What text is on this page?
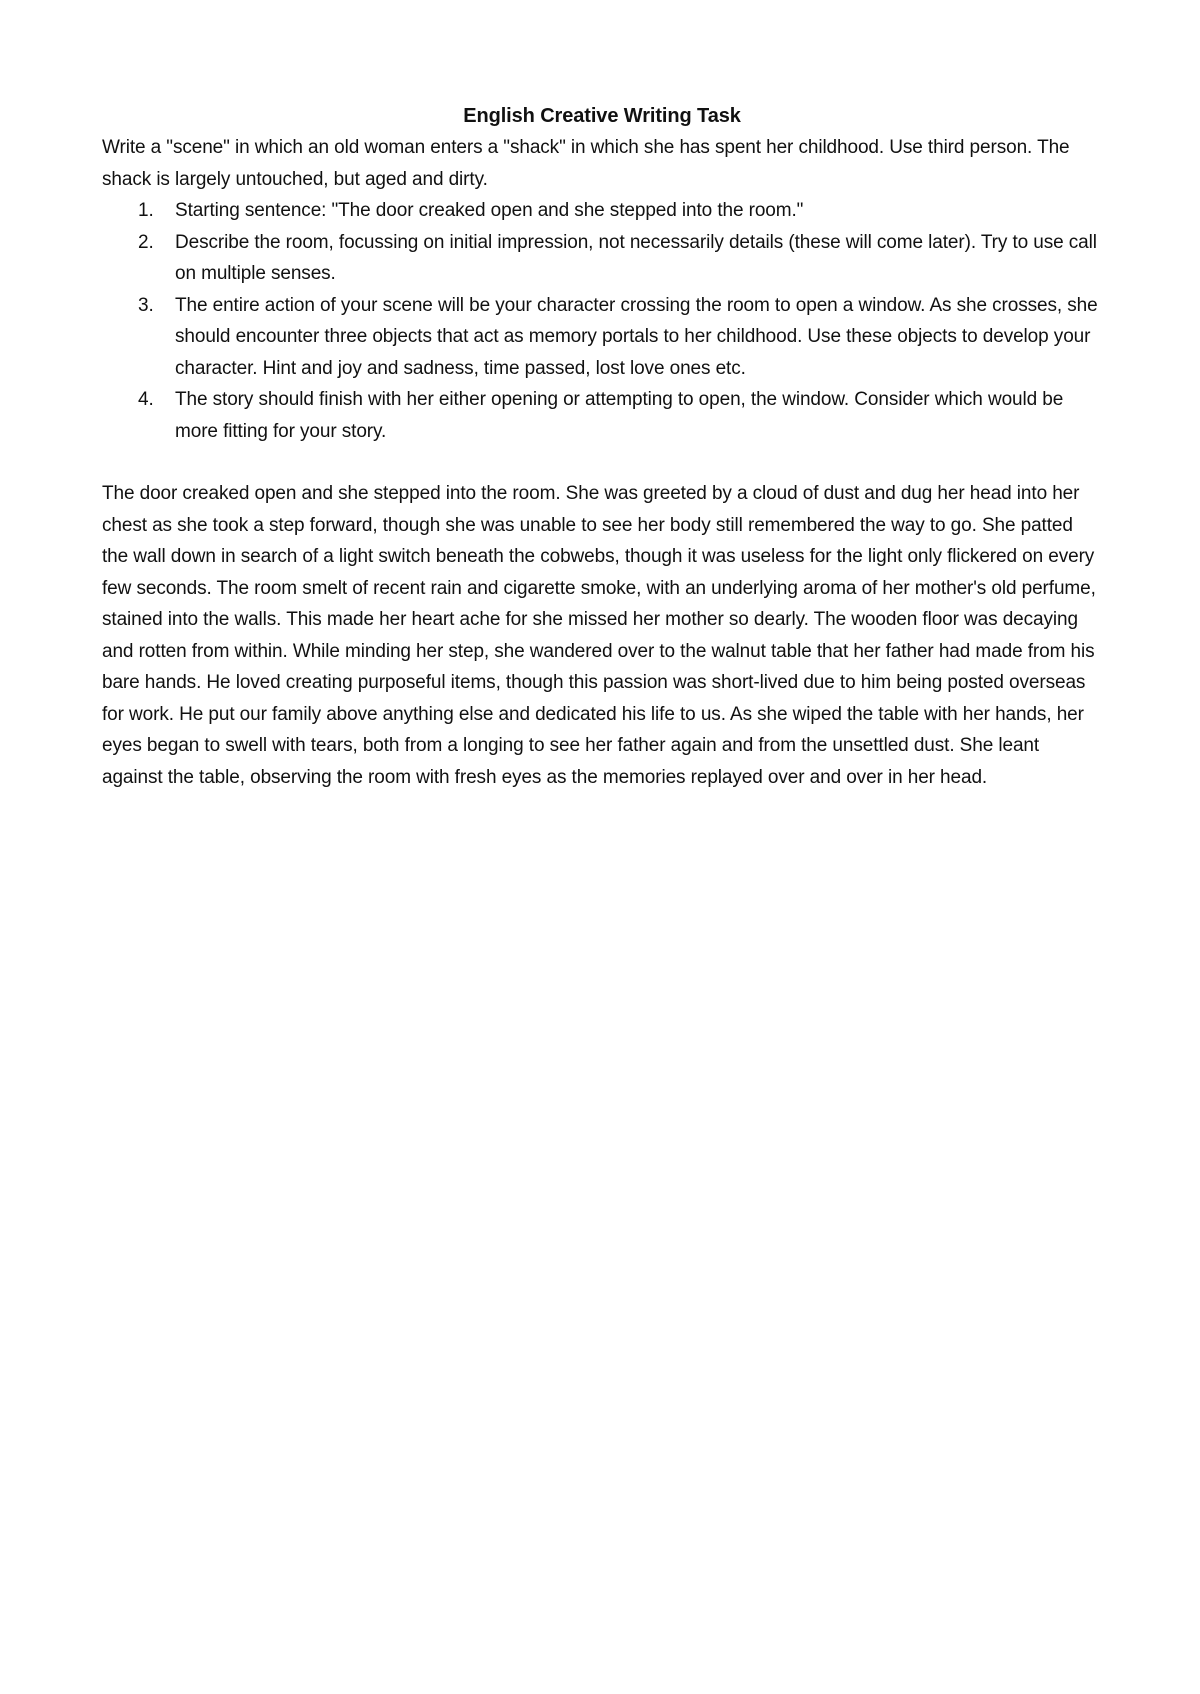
English Creative Writing Task

Write a "scene" in which an old woman enters a "shack" in which she has spent her childhood. Use third person. The shack is largely untouched, but aged and dirty.

1. Starting sentence: "The door creaked open and she stepped into the room."
2. Describe the room, focussing on initial impression, not necessarily details (these will come later). Try to use call on multiple senses.
3. The entire action of your scene will be your character crossing the room to open a window. As she crosses, she should encounter three objects that act as memory portals to her childhood. Use these objects to develop your character. Hint and joy and sadness, time passed, lost love ones etc.
4. The story should finish with her either opening or attempting to open, the window. Consider which would be more fitting for your story.

The door creaked open and she stepped into the room. She was greeted by a cloud of dust and dug her head into her chest as she took a step forward, though she was unable to see her body still remembered the way to go. She patted the wall down in search of a light switch beneath the cobwebs, though it was useless for the light only flickered on every few seconds. The room smelt of recent rain and cigarette smoke, with an underlying aroma of her mother's old perfume, stained into the walls. This made her heart ache for she missed her mother so dearly. The wooden floor was decaying and rotten from within. While minding her step, she wandered over to the walnut table that her father had made from his bare hands. He loved creating purposeful items, though this passion was short-lived due to him being posted overseas for work. He put our family above anything else and dedicated his life to us. As she wiped the table with her hands, her eyes began to swell with tears, both from a longing to see her father again and from the unsettled dust. She leant against the table, observing the room with fresh eyes as the memories replayed over and over in her head.
